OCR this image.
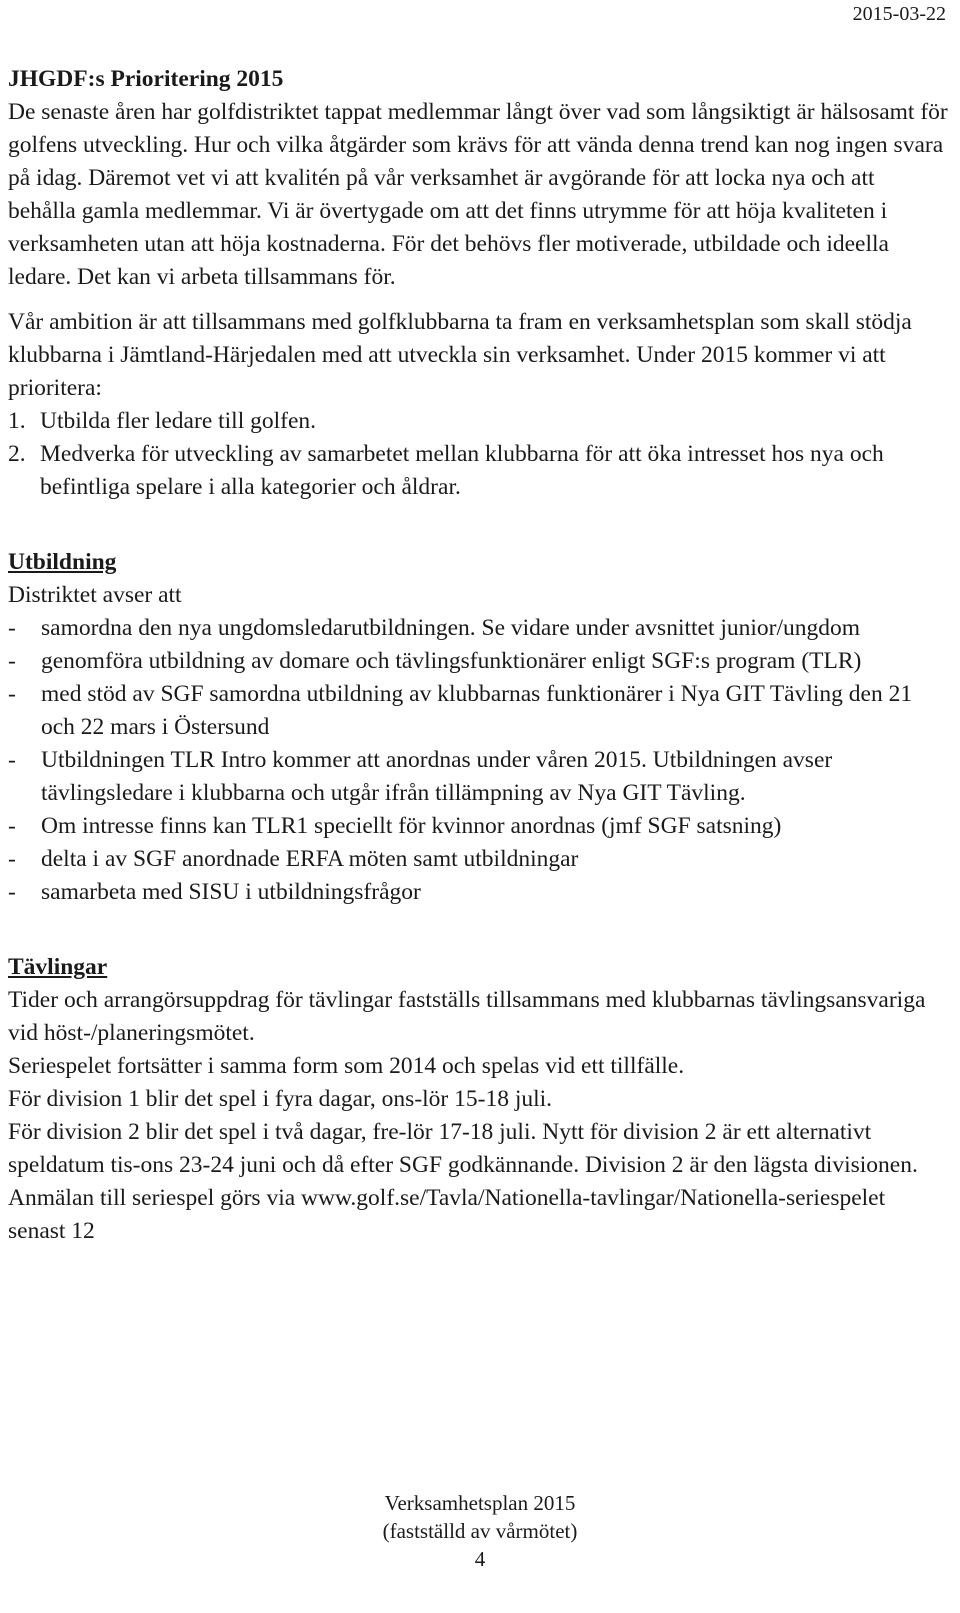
2015-03-22

JHGDF:s Prioritering 2015

De senaste åren har golfdistriktet tappat medlemmar långt över vad som långsiktigt är hälsosamt för golfens utveckling. Hur och vilka åtgärder som krävs för att vända denna trend kan nog ingen svara på idag. Däremot vet vi att kvalitén på vår verksamhet är avgörande för att locka nya och att behålla gamla medlemmar. Vi är övertygade om att det finns utrymme för att höja kvaliteten i verksamheten utan att höja kostnaderna. För det behövs fler motiverade, utbildade och ideella ledare. Det kan vi arbeta tillsammans för.

Vår ambition är att tillsammans med golfklubbarna ta fram en verksamhetsplan som skall stödja klubbarna i Jämtland-Härjedalen med att utveckla sin verksamhet. Under 2015 kommer vi att prioritera:

1. Utbilda fler ledare till golfen.
2. Medverka för utveckling av samarbetet mellan klubbarna för att öka intresset hos nya och befintliga spelare i alla kategorier och åldrar.

Utbildning

Distriktet avser att

-	samordna den nya ungdomsledarutbildningen. Se vidare under avsnittet junior/ungdom
-	genomföra utbildning av domare och tävlingsfunktionärer enligt SGF:s program (TLR)
-	med stöd av SGF samordna utbildning av klubbarnas funktionärer i Nya GIT Tävling den 21 och 22 mars i Östersund
-	Utbildningen TLR Intro kommer att anordnas under våren 2015. Utbildningen avser tävlingsledare i klubbarna och utgår ifrån tillämpning av Nya GIT Tävling.
-	Om intresse finns kan TLR1 speciellt för kvinnor anordnas (jmf SGF satsning)
-	delta i av SGF anordnade ERFA möten samt utbildningar
-	samarbeta med SISU i utbildningsfrågor

Tävlingar

Tider och arrangörsuppdrag för tävlingar fastställs tillsammans med klubbarnas tävlingsansvariga vid höst-/planeringsmötet.

Seriespelet fortsätter i samma form som 2014 och spelas vid ett tillfälle.

För division 1 blir det spel i fyra dagar, ons-lör 15-18 juli.

För division 2 blir det spel i två dagar, fre-lör 17-18 juli. Nytt för division 2 är ett alternativt speldatum tis-ons 23-24 juni och då efter SGF godkännande. Division 2 är den lägsta divisionen. Anmälan till seriespel görs via www.golf.se/Tavla/Nationella-tavlingar/Nationella-seriespelet senast 12

Verksamhetsplan 2015
(fastställd av vårmötet)
4
